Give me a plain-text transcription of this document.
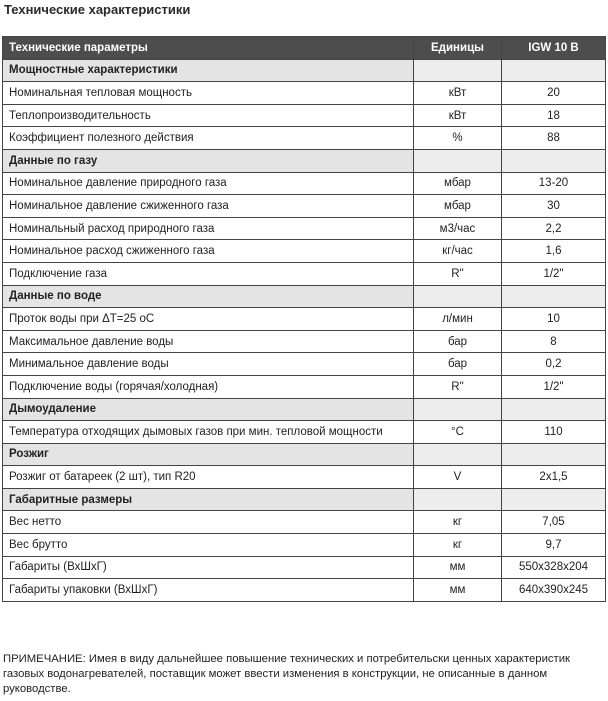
Технические характеристики
Технические параметры	Единицы	IGW 10 B
Мощностные характеристики		
Номинальная тепловая мощность	кВт	20
Теплопроизводительность	кВт	18
Коэффициент полезного действия	%	88
Данные по газу		
Номинальное давление природного газа	мбар	13-20
Номинальное давление сжиженного газа	мбар	30
Номинальный расход природного газа	м3/час	2,2
Номинальное расход сжиженного газа	кг/час	1,6
Подключение газа	R"	1/2"
Данные по воде		
Проток воды при ΔT=25 oC	л/мин	10
Максимальное давление воды	бар	8
Минимальное давление воды	бар	0,2
Подключение воды (горячая/холодная)	R"	1/2"
Дымоудаление		
Температура отходящих дымовых газов при мин. тепловой мощности	°C	110
Розжиг		
Розжиг от батареек (2 шт), тип R20	V	2x1,5
Габаритные размеры		
Вес нетто	кг	7,05
Вес брутто	кг	9,7
Габариты (ВхШхГ)	мм	550x328x204
Габариты упаковки (ВхШхГ)	мм	640x390x245
ПРИМЕЧАНИЕ: Имея в виду дальнейшее повышение технических и потребительски ценных характеристик газовых водонагревателей, поставщик может ввести изменения в конструкции, не описанные в данном руководстве.
